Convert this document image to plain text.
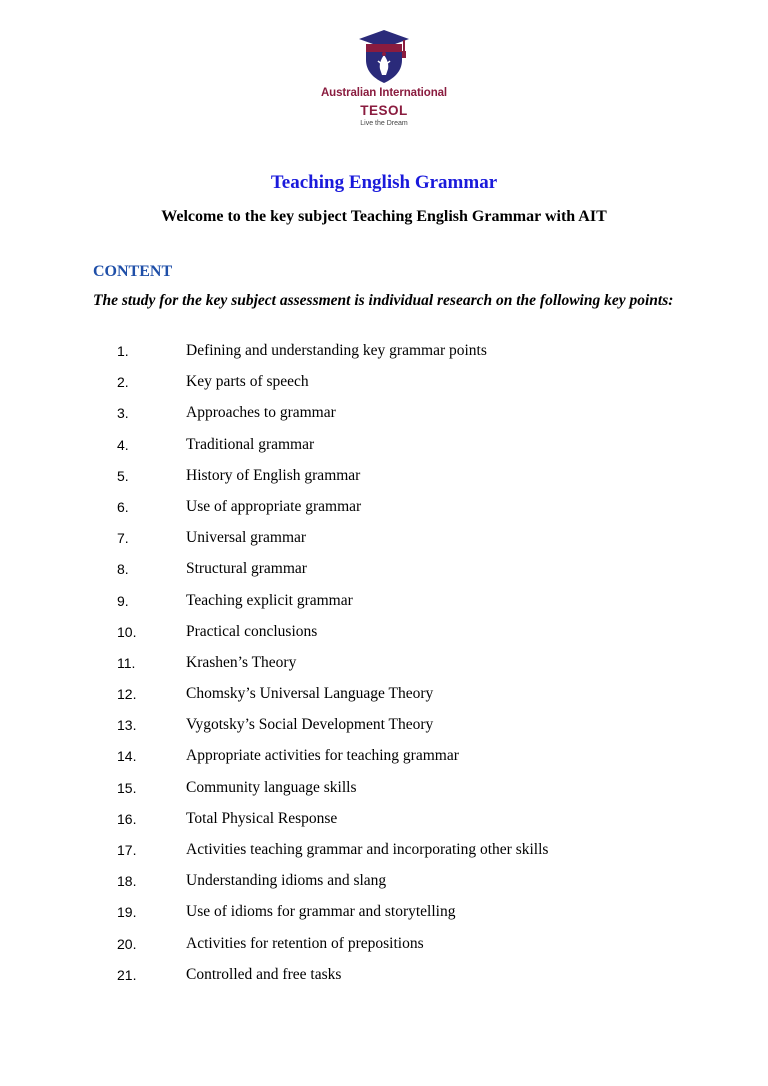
Australian International
TESOL
Live the Dream
Teaching English Grammar
Welcome to the key subject Teaching English Grammar with AIT
CONTENT
The study for the key subject assessment is individual research on the following key points:
1.	Defining and understanding key grammar points
2.	Key parts of speech
3.	Approaches to grammar
4.	Traditional grammar
5.	History of English grammar
6.	Use of appropriate grammar
7.	Universal grammar
8.	Structural grammar
9.	Teaching explicit grammar
10.	Practical conclusions
11.	Krashen’s Theory
12.	Chomsky’s Universal Language Theory
13.	Vygotsky’s Social Development Theory
14.	Appropriate activities for teaching grammar
15.	Community language skills
16.	Total Physical Response
17.	Activities teaching grammar and incorporating other skills
18.	Understanding idioms and slang
19.	Use of idioms for grammar and storytelling
20.	Activities for retention of prepositions
21.	Controlled and free tasks
